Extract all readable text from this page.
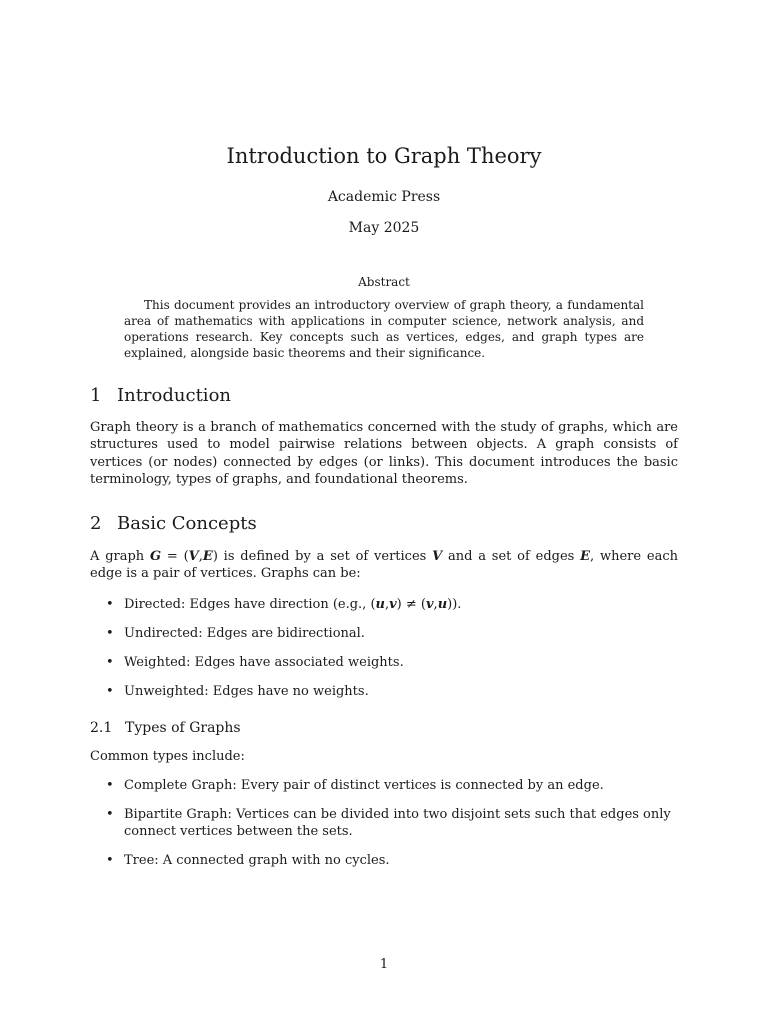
Introduction to Graph Theory
Academic Press
May 2025
Abstract
This document provides an introductory overview of graph theory, a fundamental area of mathematics with applications in computer science, network analysis, and operations research. Key concepts such as vertices, edges, and graph types are explained, alongside basic theorems and their significance.
1 Introduction
Graph theory is a branch of mathematics concerned with the study of graphs, which are structures used to model pairwise relations between objects. A graph consists of vertices (or nodes) connected by edges (or links). This document introduces the basic terminology, types of graphs, and foundational theorems.
2 Basic Concepts
A graph G = (V,E) is defined by a set of vertices V and a set of edges E, where each edge is a pair of vertices. Graphs can be:
• Directed: Edges have direction (e.g., (u,v) ≠ (v,u)).
• Undirected: Edges are bidirectional.
• Weighted: Edges have associated weights.
• Unweighted: Edges have no weights.
2.1 Types of Graphs
Common types include:
• Complete Graph: Every pair of distinct vertices is connected by an edge.
• Bipartite Graph: Vertices can be divided into two disjoint sets such that edges only connect vertices between the sets.
• Tree: A connected graph with no cycles.
1
